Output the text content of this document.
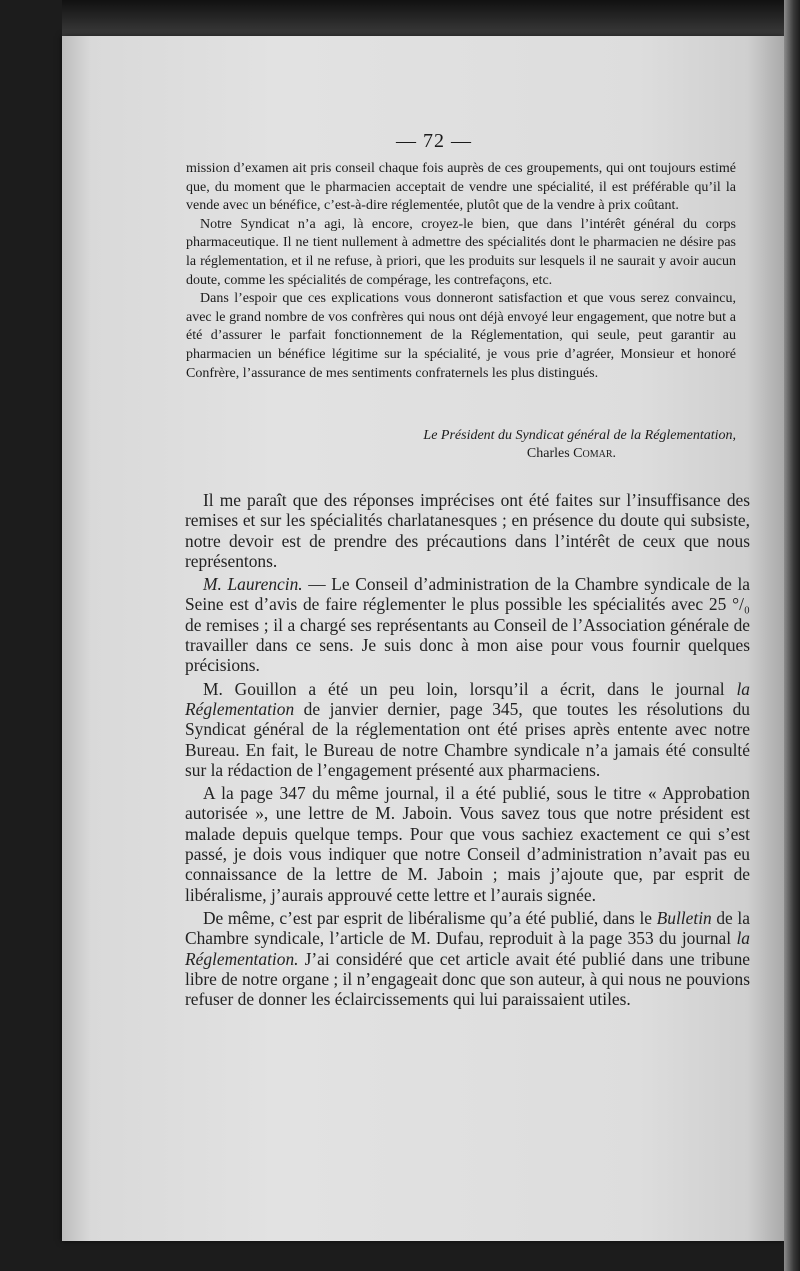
— 72 —

mission d’examen ait pris conseil chaque fois auprès de ces groupements, qui ont toujours estimé que, du moment que le pharmacien acceptait de vendre une spécialité, il est préférable qu’il la vende avec un bénéfice, c’est-à-dire réglementée, plutôt que de la vendre à prix coûtant.

Notre Syndicat n’a agi, là encore, croyez-le bien, que dans l’intérêt général du corps pharmaceutique. Il ne tient nullement à admettre des spécialités dont le pharmacien ne désire pas la réglementation, et il ne refuse, à priori, que les produits sur lesquels il ne saurait y avoir aucun doute, comme les spécialités de compérage, les contrefaçons, etc.

Dans l’espoir que ces explications vous donneront satisfaction et que vous serez convaincu, avec le grand nombre de vos confrères qui nous ont déjà envoyé leur engagement, que notre but a été d’assurer le parfait fonctionnement de la Réglementation, qui seule, peut garantir au pharmacien un bénéfice légitime sur la spécialité, je vous prie d’agréer, Monsieur et honoré Confrère, l’assurance de mes sentiments confraternels les plus distingués.

Le Président du Syndicat général de la Réglementation,
Charles Comar.

Il me paraît que des réponses imprécises ont été faites sur l’insuffisance des remises et sur les spécialités charlatanesques ; en présence du doute qui subsiste, notre devoir est de prendre des précautions dans l’intérêt de ceux que nous représentons.

M. Laurencin. — Le Conseil d’administration de la Chambre syndicale de la Seine est d’avis de faire réglementer le plus possible les spécialités avec 25 °/₀ de remises ; il a chargé ses représentants au Conseil de l’Association générale de travailler dans ce sens. Je suis donc à mon aise pour vous fournir quelques précisions.

M. Gouillon a été un peu loin, lorsqu’il a écrit, dans le journal la Réglementation de janvier dernier, page 345, que toutes les résolutions du Syndicat général de la réglementation ont été prises après entente avec notre Bureau. En fait, le Bureau de notre Chambre syndicale n’a jamais été consulté sur la rédaction de l’engagement présenté aux pharmaciens.

A la page 347 du même journal, il a été publié, sous le titre « Approbation autorisée », une lettre de M. Jaboin. Vous savez tous que notre président est malade depuis quelque temps. Pour que vous sachiez exactement ce qui s’est passé, je dois vous indiquer que notre Conseil d’administration n’avait pas eu connaissance de la lettre de M. Jaboin ; mais j’ajoute que, par esprit de libéralisme, j’aurais approuvé cette lettre et l’aurais signée.

De même, c’est par esprit de libéralisme qu’a été publié, dans le Bulletin de la Chambre syndicale, l’article de M. Dufau, reproduit à la page 353 du journal la Réglementation. J’ai considéré que cet article avait été publié dans une tribune libre de notre organe ; il n’engageait donc que son auteur, à qui nous ne pouvions refuser de donner les éclaircissements qui lui paraissaient utiles.
